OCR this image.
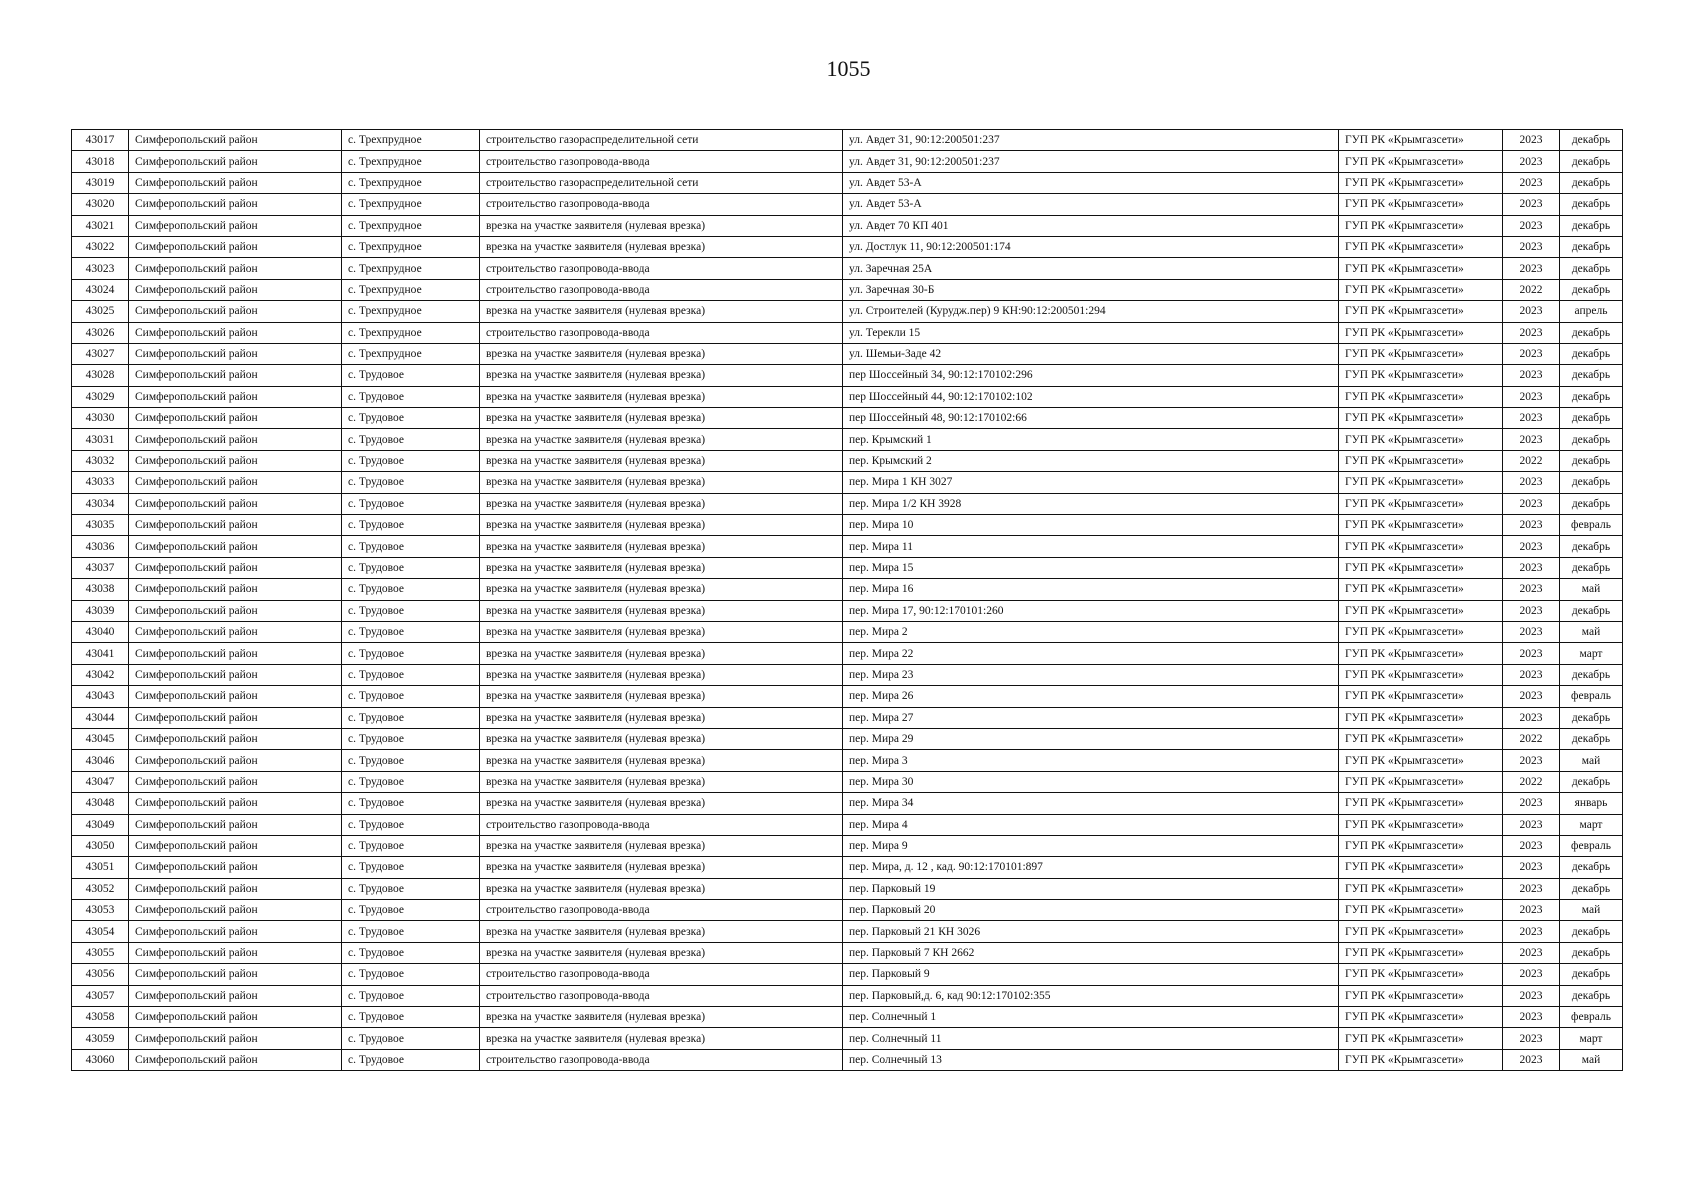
1055
43017	Симферопольский район	с. Трехпрудное	строительство газораспределительной сети	ул. Авдет 31, 90:12:200501:237	ГУП РК «Крымгазсети»	2023	декабрь
43018	Симферопольский район	с. Трехпрудное	строительство газопровода-ввода	ул. Авдет 31, 90:12:200501:237	ГУП РК «Крымгазсети»	2023	декабрь
43019	Симферопольский район	с. Трехпрудное	строительство газораспределительной сети	ул. Авдет 53-А	ГУП РК «Крымгазсети»	2023	декабрь
43020	Симферопольский район	с. Трехпрудное	строительство газопровода-ввода	ул. Авдет 53-А	ГУП РК «Крымгазсети»	2023	декабрь
43021	Симферопольский район	с. Трехпрудное	врезка на участке заявителя (нулевая врезка)	ул. Авдет 70 КП 401	ГУП РК «Крымгазсети»	2023	декабрь
43022	Симферопольский район	с. Трехпрудное	врезка на участке заявителя (нулевая врезка)	ул. Достлук 11, 90:12:200501:174	ГУП РК «Крымгазсети»	2023	декабрь
43023	Симферопольский район	с. Трехпрудное	строительство газопровода-ввода	ул. Заречная 25А	ГУП РК «Крымгазсети»	2023	декабрь
43024	Симферопольский район	с. Трехпрудное	строительство газопровода-ввода	ул. Заречная 30-Б	ГУП РК «Крымгазсети»	2022	декабрь
43025	Симферопольский район	с. Трехпрудное	врезка на участке заявителя (нулевая врезка)	ул. Строителей (Курудж.пер) 9 КН:90:12:200501:294	ГУП РК «Крымгазсети»	2023	апрель
43026	Симферопольский район	с. Трехпрудное	строительство газопровода-ввода	ул. Терекли 15	ГУП РК «Крымгазсети»	2023	декабрь
43027	Симферопольский район	с. Трехпрудное	врезка на участке заявителя (нулевая врезка)	ул. Шемьи-Заде 42	ГУП РК «Крымгазсети»	2023	декабрь
43028	Симферопольский район	с. Трудовое	врезка на участке заявителя (нулевая врезка)	пер Шоссейный 34, 90:12:170102:296	ГУП РК «Крымгазсети»	2023	декабрь
43029	Симферопольский район	с. Трудовое	врезка на участке заявителя (нулевая врезка)	пер Шоссейный 44, 90:12:170102:102	ГУП РК «Крымгазсети»	2023	декабрь
43030	Симферопольский район	с. Трудовое	врезка на участке заявителя (нулевая врезка)	пер Шоссейный 48, 90:12:170102:66	ГУП РК «Крымгазсети»	2023	декабрь
43031	Симферопольский район	с. Трудовое	врезка на участке заявителя (нулевая врезка)	пер. Крымский 1	ГУП РК «Крымгазсети»	2023	декабрь
43032	Симферопольский район	с. Трудовое	врезка на участке заявителя (нулевая врезка)	пер. Крымский 2	ГУП РК «Крымгазсети»	2022	декабрь
43033	Симферопольский район	с. Трудовое	врезка на участке заявителя (нулевая врезка)	пер. Мира 1 КН 3027	ГУП РК «Крымгазсети»	2023	декабрь
43034	Симферопольский район	с. Трудовое	врезка на участке заявителя (нулевая врезка)	пер. Мира 1/2 КН 3928	ГУП РК «Крымгазсети»	2023	декабрь
43035	Симферопольский район	с. Трудовое	врезка на участке заявителя (нулевая врезка)	пер. Мира 10	ГУП РК «Крымгазсети»	2023	февраль
43036	Симферопольский район	с. Трудовое	врезка на участке заявителя (нулевая врезка)	пер. Мира 11	ГУП РК «Крымгазсети»	2023	декабрь
43037	Симферопольский район	с. Трудовое	врезка на участке заявителя (нулевая врезка)	пер. Мира 15	ГУП РК «Крымгазсети»	2023	декабрь
43038	Симферопольский район	с. Трудовое	врезка на участке заявителя (нулевая врезка)	пер. Мира 16	ГУП РК «Крымгазсети»	2023	май
43039	Симферопольский район	с. Трудовое	врезка на участке заявителя (нулевая врезка)	пер. Мира 17, 90:12:170101:260	ГУП РК «Крымгазсети»	2023	декабрь
43040	Симферопольский район	с. Трудовое	врезка на участке заявителя (нулевая врезка)	пер. Мира 2	ГУП РК «Крымгазсети»	2023	май
43041	Симферопольский район	с. Трудовое	врезка на участке заявителя (нулевая врезка)	пер. Мира 22	ГУП РК «Крымгазсети»	2023	март
43042	Симферопольский район	с. Трудовое	врезка на участке заявителя (нулевая врезка)	пер. Мира 23	ГУП РК «Крымгазсети»	2023	декабрь
43043	Симферопольский район	с. Трудовое	врезка на участке заявителя (нулевая врезка)	пер. Мира 26	ГУП РК «Крымгазсети»	2023	февраль
43044	Симферопольский район	с. Трудовое	врезка на участке заявителя (нулевая врезка)	пер. Мира 27	ГУП РК «Крымгазсети»	2023	декабрь
43045	Симферопольский район	с. Трудовое	врезка на участке заявителя (нулевая врезка)	пер. Мира 29	ГУП РК «Крымгазсети»	2022	декабрь
43046	Симферопольский район	с. Трудовое	врезка на участке заявителя (нулевая врезка)	пер. Мира 3	ГУП РК «Крымгазсети»	2023	май
43047	Симферопольский район	с. Трудовое	врезка на участке заявителя (нулевая врезка)	пер. Мира 30	ГУП РК «Крымгазсети»	2022	декабрь
43048	Симферопольский район	с. Трудовое	врезка на участке заявителя (нулевая врезка)	пер. Мира 34	ГУП РК «Крымгазсети»	2023	январь
43049	Симферопольский район	с. Трудовое	строительство газопровода-ввода	пер. Мира 4	ГУП РК «Крымгазсети»	2023	март
43050	Симферопольский район	с. Трудовое	врезка на участке заявителя (нулевая врезка)	пер. Мира 9	ГУП РК «Крымгазсети»	2023	февраль
43051	Симферопольский район	с. Трудовое	врезка на участке заявителя (нулевая врезка)	пер. Мира, д. 12 , кад. 90:12:170101:897	ГУП РК «Крымгазсети»	2023	декабрь
43052	Симферопольский район	с. Трудовое	врезка на участке заявителя (нулевая врезка)	пер. Парковый 19	ГУП РК «Крымгазсети»	2023	декабрь
43053	Симферопольский район	с. Трудовое	строительство газопровода-ввода	пер. Парковый 20	ГУП РК «Крымгазсети»	2023	май
43054	Симферопольский район	с. Трудовое	врезка на участке заявителя (нулевая врезка)	пер. Парковый 21 КН 3026	ГУП РК «Крымгазсети»	2023	декабрь
43055	Симферопольский район	с. Трудовое	врезка на участке заявителя (нулевая врезка)	пер. Парковый 7 КН 2662	ГУП РК «Крымгазсети»	2023	декабрь
43056	Симферопольский район	с. Трудовое	строительство газопровода-ввода	пер. Парковый 9	ГУП РК «Крымгазсети»	2023	декабрь
43057	Симферопольский район	с. Трудовое	строительство газопровода-ввода	пер. Парковый,д. 6, кад 90:12:170102:355	ГУП РК «Крымгазсети»	2023	декабрь
43058	Симферопольский район	с. Трудовое	врезка на участке заявителя (нулевая врезка)	пер. Солнечный 1	ГУП РК «Крымгазсети»	2023	февраль
43059	Симферопольский район	с. Трудовое	врезка на участке заявителя (нулевая врезка)	пер. Солнечный 11	ГУП РК «Крымгазсети»	2023	март
43060	Симферопольский район	с. Трудовое	строительство газопровода-ввода	пер. Солнечный 13	ГУП РК «Крымгазсети»	2023	май
